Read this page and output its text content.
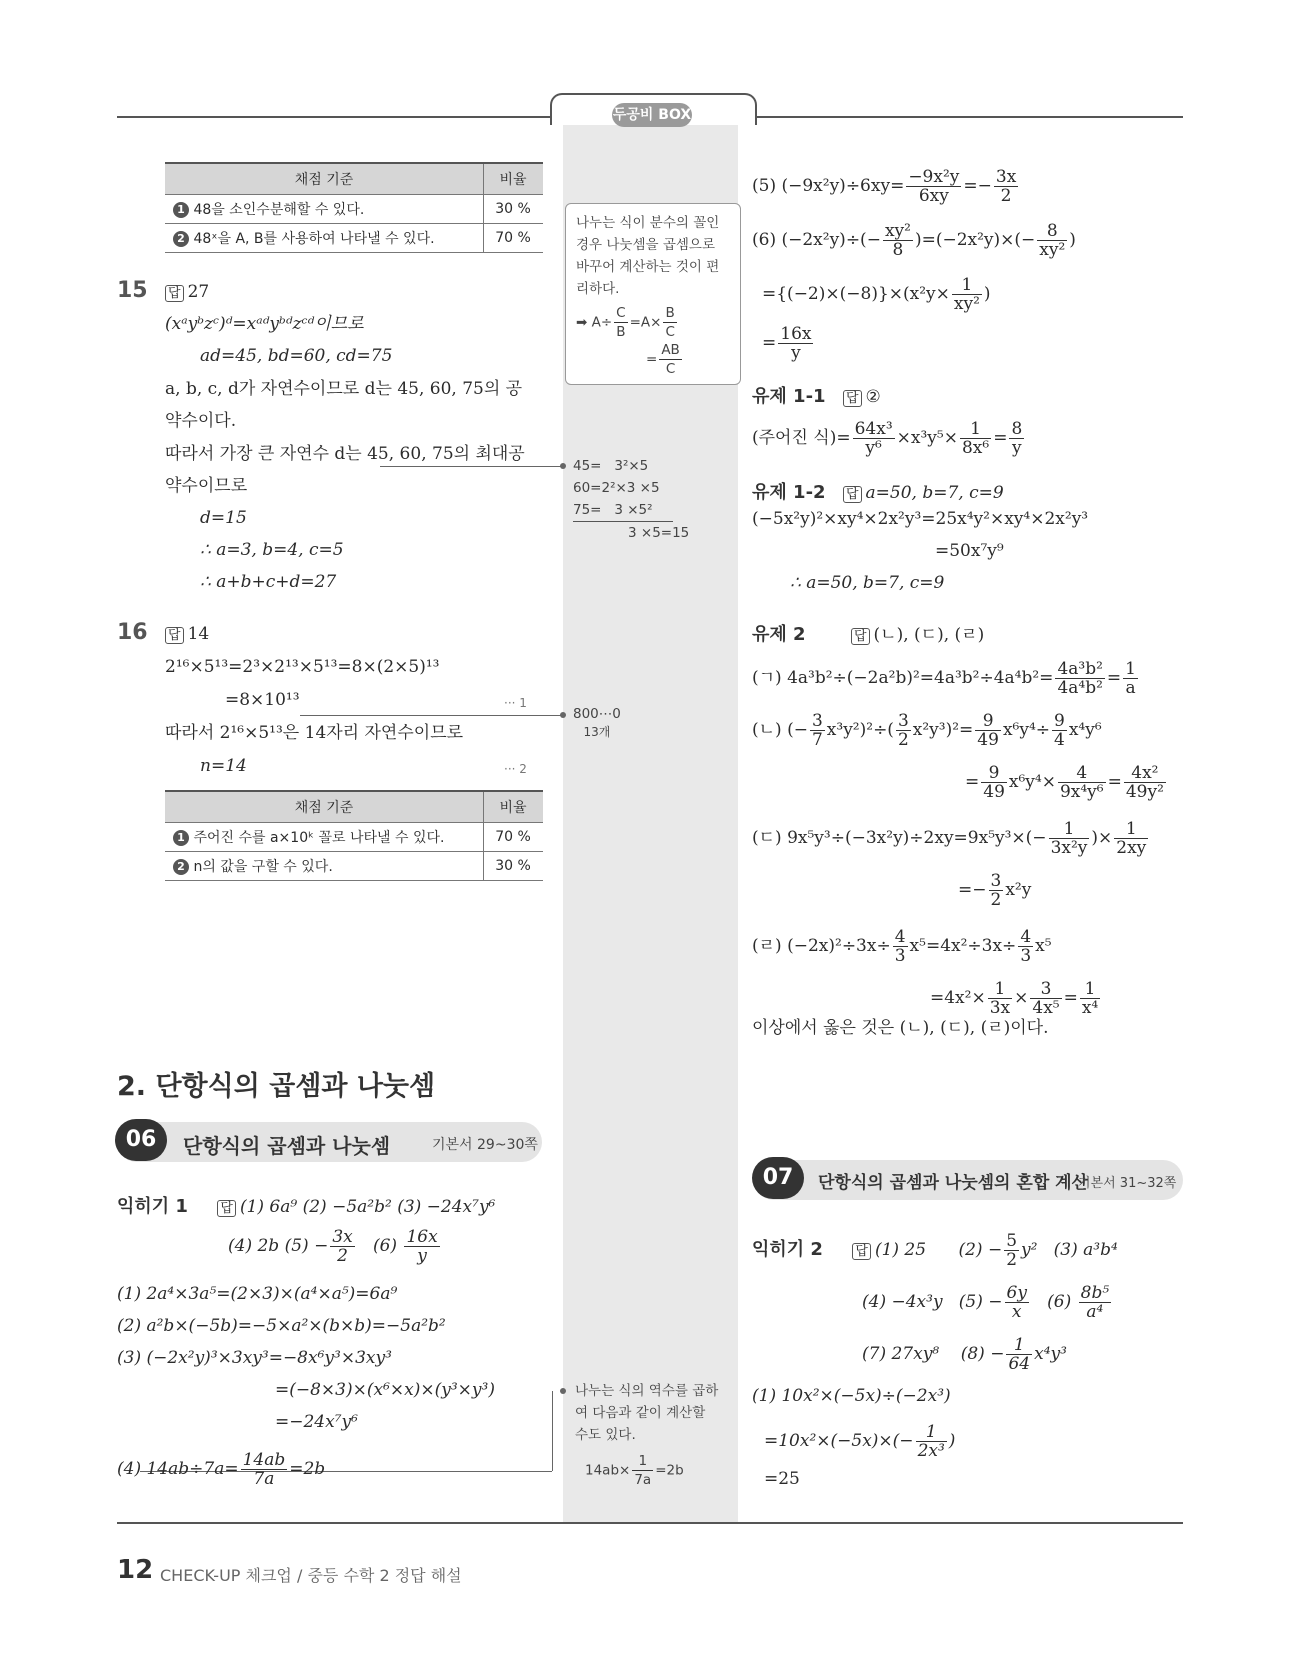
두공비 BOX
채점 기준	비율
1 48을 소인수분해할 수 있다.	30 %
2 48ˣ을 A, B를 사용하여 나타낼 수 있다.	70 %
15 답 27
(xᵃyᵇzᶜ)ᵈ=xᵃᵈyᵇᵈzᶜᵈ이므로
ad=45, bd=60, cd=75
a, b, c, d가 자연수이므로 d는 45, 60, 75의 공
약수이다.
따라서 가장 큰 자연수 d는 45, 60, 75의 최대공
약수이므로
d=15
∴ a=3, b=4, c=5
∴ a+b+c+d=27
16 답 14
2¹⁶×5¹³=2³×2¹³×5¹³=8×(2×5)¹³
=8×10¹³	··· 1
따라서 2¹⁶×5¹³은 14자리 자연수이므로
n=14	··· 2
채점 기준	비율
1 주어진 수를 a×10ᵏ 꼴로 나타낼 수 있다.	70 %
2 n의 값을 구할 수 있다.	30 %
나누는 식이 분수의 꼴인
경우 나눗셈을 곱셈으로
바꾸어 계산하는 것이 편
리하다.
➡ $A\div \frac{C}{B} =A\times \frac{B}{C}$
= $\frac{AB}{C}$
45=   3²×5
60=2²×3 ×5
75=   3 ×5²
3 ×5=15
800⋯0
13개
나누는 식의 역수를 곱하
여 다음과 같이 계산할
수도 있다.
$14ab\times \frac{1}{7a} =2b$
(5) $(-9x^2y)\div 6xy= \frac{\text{−9x²y}}{6xy} =- \frac{3x}{2}$
(6) $(-2x^2y)\div(- \frac{\text{xy²}}{8} )=(-2x^2y)\times(- \frac{8}{\text{xy²}}$ )
$=\{(-2)\times(-8)\}\times(x^2y\times \frac{1}{\text{xy²}}$ )
= $\frac{16x}{y}$
유제 1-1 답 ②
(주어진 식)= $\frac{\text{64x³}}{\text{y⁶}} \times x^3y^5\times \frac{1}{\text{8x⁶}} = \frac{8}{y}$
유제 1-2 답 a=50, b=7, c=9
(−5x²y)²×xy⁴×2x²y³=25x⁴y²×xy⁴×2x²y³
=50x⁷y⁹
∴ a=50, b=7, c=9
유제 2	답 (ㄴ), (ㄷ), (ㄹ)
(ㄱ) $4a^3b^2\div(-2a^2b)^2=4a^3b^2\div 4a^4b^2= \frac{\text{4a³b²}}{\text{4a⁴b²}} = \frac{1}{a}$
(ㄴ) (− $\frac{3}{7} x^3y^2)^2\div( \frac{3}{2} x^2y^3)^2= \frac{9}{49} x^6y^4\div \frac{9}{4} x^4y^6$
= $\frac{9}{49} x^6y^4\times \frac{4}{\text{9x⁴y⁶}} = \frac{\text{4x²}}{\text{49y²}}$
(ㄷ) $9x^5y^3\div(-3x^2y)\div 2xy=9x^5y^3\times(- \frac{1}{\text{3x²y}}$ )× $\frac{1}{2xy}$
=− $\frac{3}{2} x^2y$
(ㄹ) $(-2x)^2\div 3x\div \frac{4}{3} x^5=4x^2\div 3x\div \frac{4}{3} x^5$
$=4x^2\times \frac{1}{3x} \times \frac{3}{\text{4x⁵}} = \frac{1}{\text{x⁴}}$
이상에서 옳은 것은 (ㄴ), (ㄷ), (ㄹ)이다.
2. 단항식의 곱셈과 나눗셈
06	단항식의 곱셈과 나눗셈	기본서 29~30쪽
익히기 1 답 (1) 6a⁹ (2) −5a²b² (3) −24x⁷y⁶
(4) 2b $(5) - \frac{3x}{2} (6) \frac{16x}{y}$
(1) 2a⁴×3a⁵=(2×3)×(a⁴×a⁵)=6a⁹
(2) a²b×(−5b)=−5×a²×(b×b)=−5a²b²
(3) (−2x²y)³×3xy³=−8x⁶y³×3xy³
=(−8×3)×(x⁶×x)×(y³×y³)
=−24x⁷y⁶
(4) $14ab\div 7a= \frac{14ab}{7a} =2b$
07	단항식의 곱셈과 나눗셈의 혼합 계산
기본서 31~32쪽
익히기 2 답 (1) 25      $(2) - \frac{5}{2} y^2$   (3) a³b⁴
(4) −4x³y   $(5) - \frac{6y}{x} (6) \frac{\text{8b⁵}}{\text{a⁴}}$
(7) 27xy⁸    $(8) - \frac{1}{64} x^4y^3$
(1) 10x²×(−5x)÷(−2x³)
$=10x^2\times(-5x)\times(- \frac{1}{\text{2x³}}$ )
=25
12 CHECK-UP 체크업 / 중등 수학 2 정답 해설
